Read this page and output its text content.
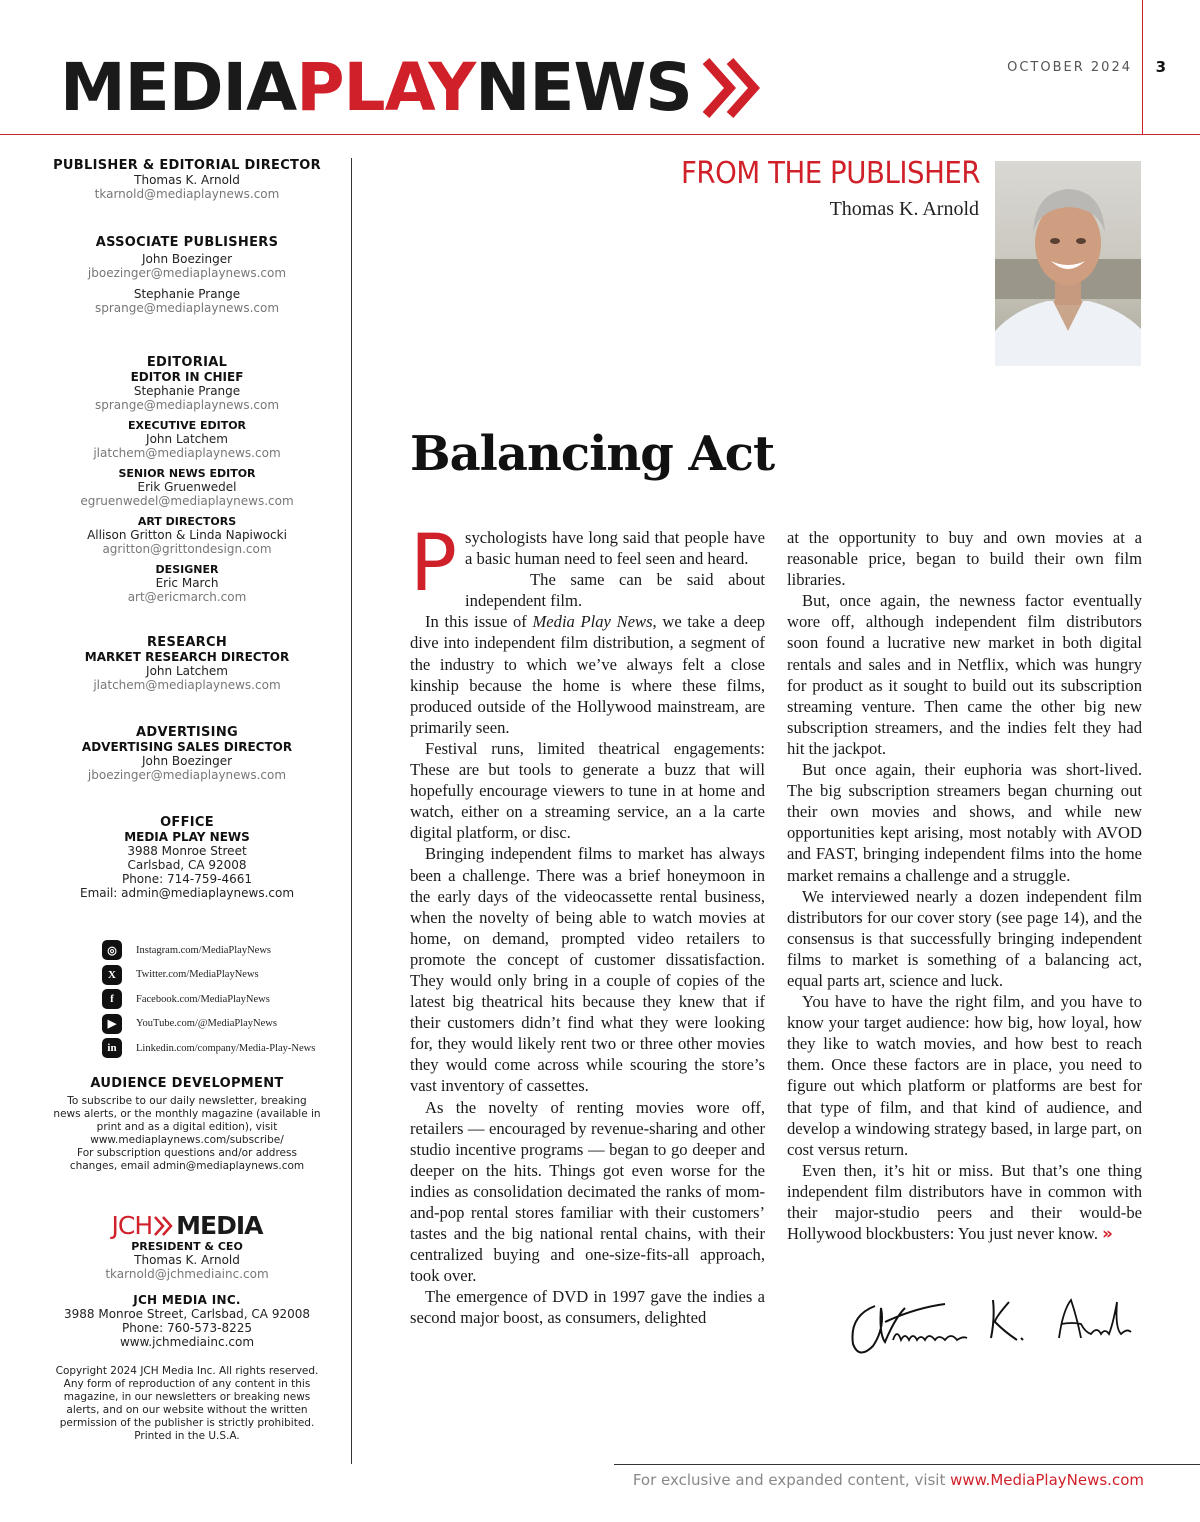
MEDIAPLAYNEWS	OCTOBER 2024 3
PUBLISHER & EDITORIAL DIRECTOR
Thomas K. Arnold
tkarnold@mediaplaynews.com
ASSOCIATE PUBLISHERS
John Boezinger
jboezinger@mediaplaynews.com
Stephanie Prange
sprange@mediaplaynews.com
EDITORIAL
EDITOR IN CHIEF
Stephanie Prange
sprange@mediaplaynews.com
EXECUTIVE EDITOR
John Latchem
jlatchem@mediaplaynews.com
SENIOR NEWS EDITOR
Erik Gruenwedel
egruenwedel@mediaplaynews.com
ART DIRECTORS
Allison Gritton & Linda Napiwocki
agritton@grittondesign.com
DESIGNER
Eric March
art@ericmarch.com
RESEARCH
MARKET RESEARCH DIRECTOR
John Latchem
jlatchem@mediaplaynews.com
ADVERTISING
ADVERTISING SALES DIRECTOR
John Boezinger
jboezinger@mediaplaynews.com
OFFICE
MEDIA PLAY NEWS
3988 Monroe Street
Carlsbad, CA 92008
Phone: 714-759-4661
Email: admin@mediaplaynews.com
◎	Instagram.com/MediaPlayNews
X	Twitter.com/MediaPlayNews
f	Facebook.com/MediaPlayNews
▶	YouTube.com/@MediaPlayNews
in	Linkedin.com/company/Media-Play-News
AUDIENCE DEVELOPMENT
To subscribe to our daily newsletter, breaking
news alerts, or the monthly magazine (available in
print and as a digital edition), visit
www.mediaplaynews.com/subscribe/
For subscription questions and/or address
changes, email admin@mediaplaynews.com
JCH MEDIA
PRESIDENT & CEO
Thomas K. Arnold
tkarnold@jchmediainc.com
JCH MEDIA INC.
3988 Monroe Street, Carlsbad, CA 92008
Phone: 760-573-8225
www.jchmediainc.com
Copyright 2024 JCH Media Inc. All rights reserved.
Any form of reproduction of any content in this
magazine, in our newsletters or breaking news
alerts, and on our website without the written
permission of the publisher is strictly prohibited.
Printed in the U.S.A.
FROM THE PUBLISHER
Thomas K. Arnold
Balancing Act

Psychologists have long said that people have a basic human need to feel seen and heard.

The same can be said about independent film.

In this issue of Media Play News, we take a deep dive into independent film distribution, a segment of the industry to which we’ve always felt a close kinship because the home is where these films, produced outside of the Hollywood mainstream, are primarily seen.

Festival runs, limited theatrical engagements: These are but tools to generate a buzz that will hopefully encourage viewers to tune in at home and watch, either on a streaming service, an a la carte digital platform, or disc.

Bringing independent films to market has always been a challenge. There was a brief honeymoon in the early days of the videocassette rental business, when the novelty of being able to watch movies at home, on demand, prompted video retailers to promote the concept of customer dissatisfaction. They would only bring in a couple of copies of the latest big theatrical hits because they knew that if their customers didn’t find what they were looking for, they would likely rent two or three other movies they would come across while scouring the store’s vast inventory of cassettes.

As the novelty of renting movies wore off, retailers — encouraged by revenue-sharing and other studio incentive programs — began to go deeper and deeper on the hits. Things got even worse for the indies as consolidation decimated the ranks of mom-and-pop rental stores familiar with their customers’ tastes and the big national rental chains, with their centralized buying and one-size-fits-all approach, took over.

The emergence of DVD in 1997 gave the indies a second major boost, as consumers, delighted

at the opportunity to buy and own movies at a reasonable price, began to build their own film libraries.

But, once again, the newness factor eventually wore off, although independent film distributors soon found a lucrative new market in both digital rentals and sales and in Netflix, which was hungry for product as it sought to build out its subscription streaming venture. Then came the other big new subscription streamers, and the indies felt they had hit the jackpot.

But once again, their euphoria was short-lived. The big subscription streamers began churning out their own movies and shows, and while new opportunities kept arising, most notably with AVOD and FAST, bringing independent films into the home market remains a challenge and a struggle.

We interviewed nearly a dozen independent film distributors for our cover story (see page 14), and the consensus is that successfully bringing independent films to market is something of a balancing act, equal parts art, science and luck.

You have to have the right film, and you have to know your target audience: how big, how loyal, how they like to watch movies, and how best to reach them. Once these factors are in place, you need to figure out which platform or platforms are best for that type of film, and that kind of audience, and develop a windowing strategy based, in large part, on cost versus return.

Even then, it’s hit or miss. But that’s one thing independent film distributors have in common with their major-studio peers and their would-be Hollywood blockbusters: You just never know. »

For exclusive and expanded content, visit www.MediaPlayNews.com
